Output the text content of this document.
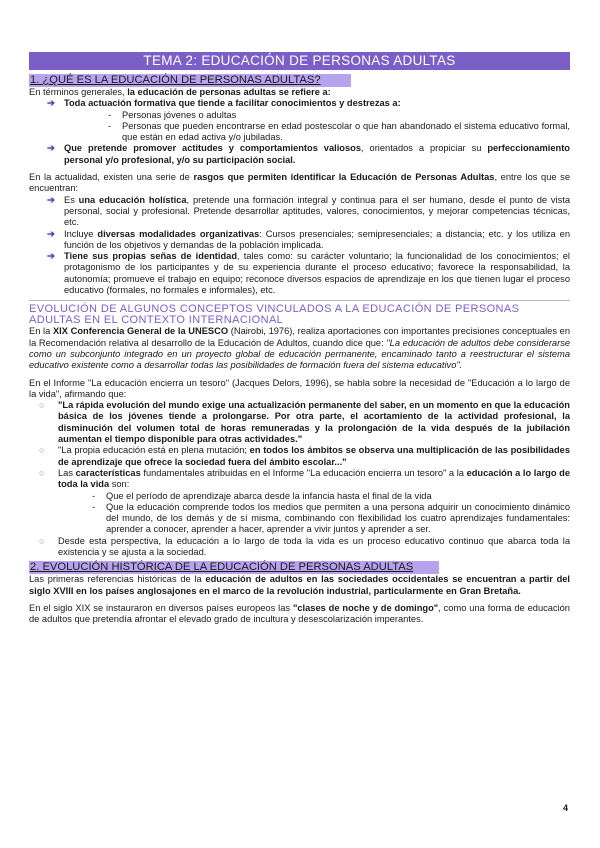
TEMA 2: EDUCACIÓN DE PERSONAS ADULTAS
1. ¿QUÉ ES LA EDUCACIÓN DE PERSONAS ADULTAS?

En términos generales, la educación de personas adultas se refiere a:

➔ Toda actuación formativa que tiende a facilitar conocimientos y destrezas a:
- Personas jóvenes o adultas
- Personas que pueden encontrarse en edad postescolar o que han abandonado el sistema educativo formal, que están en edad activa y/o jubiladas.
➔ Que pretende promover actitudes y comportamientos valiosos, orientados a propiciar su perfeccionamiento personal y/o profesional, y/o su participación social.

En la actualidad, existen una serie de rasgos que permiten identificar la Educación de Personas Adultas, entre los que se encuentran:

➔ Es una educación holística, pretende una formación integral y continua para el ser humano, desde el punto de vista personal, social y profesional. Pretende desarrollar aptitudes, valores, conocimientos, y mejorar competencias técnicas, etc.
➔ Incluye diversas modalidades organizativas: Cursos presenciales; semipresenciales; a distancia; etc. y los utiliza en función de los objetivos y demandas de la población implicada.
➔ Tiene sus propias señas de identidad, tales como: su carácter voluntario; la funcionalidad de los conocimientos; el protagonismo de los participantes y de su experiencia durante el proceso educativo; favorece la responsabilidad, la autonomía; promueve el trabajo en equipo; reconoce diversos espacios de aprendizaje en los que tienen lugar el proceso educativo (formales, no formales e informales), etc.
EVOLUCIÓN DE ALGUNOS CONCEPTOS VINCULADOS A LA EDUCACIÓN DE PERSONAS ADULTAS EN EL CONTEXTO INTERNACIONAL

En la XIX Conferencia General de la UNESCO (Nairobi, 1976), realiza aportaciones con importantes precisiones conceptuales en la Recomendación relativa al desarrollo de la Educación de Adultos, cuando dice que: "La educación de adultos debe considerarse como un subconjunto integrado en un proyecto global de educación permanente, encaminado tanto a reestructurar el sistema educativo existente como a desarrollar todas las posibilidades de formación fuera del sistema educativo".

En el Informe "La educación encierra un tesoro" (Jacques Delors, 1996), se habla sobre la necesidad de "Educación a lo largo de la vida", afirmando que:

○ "La rápida evolución del mundo exige una actualización permanente del saber, en un momento en que la educación básica de los jóvenes tiende a prolongarse. Por otra parte, el acortamiento de la actividad profesional, la disminución del volumen total de horas remuneradas y la prolongación de la vida después de la jubilación aumentan el tiempo disponible para otras actividades."
○ "La propia educación está en plena mutación; en todos los ámbitos se observa una multiplicación de las posibilidades de aprendizaje que ofrece la sociedad fuera del ámbito escolar..."
○ Las características fundamentales atribuidas en el Informe "La educación encierra un tesoro" a la educación a lo largo de toda la vida son:
- Que el período de aprendizaje abarca desde la infancia hasta el final de la vida
- Que la educación comprende todos los medios que permiten a una persona adquirir un conocimiento dinámico del mundo, de los demás y de sí misma, combinando con flexibilidad los cuatro aprendizajes fundamentales: aprender a conocer, aprender a hacer, aprender a vivir juntos y aprender a ser.
○ Desde esta perspectiva, la educación a lo largo de toda la vida es un proceso educativo continuo que abarca toda la existencia y se ajusta a la sociedad.
2. EVOLUCIÓN HISTÓRICA DE LA EDUCACIÓN DE PERSONAS ADULTAS

Las primeras referencias históricas de la educación de adultos en las sociedades occidentales se encuentran a partir del siglo XVIII en los países anglosajones en el marco de la revolución industrial, particularmente en Gran Bretaña.

En el siglo XIX se instauraron en diversos países europeos las "clases de noche y de domingo", como una forma de educación de adultos que pretendía afrontar el elevado grado de incultura y desescolarización imperantes.

4
